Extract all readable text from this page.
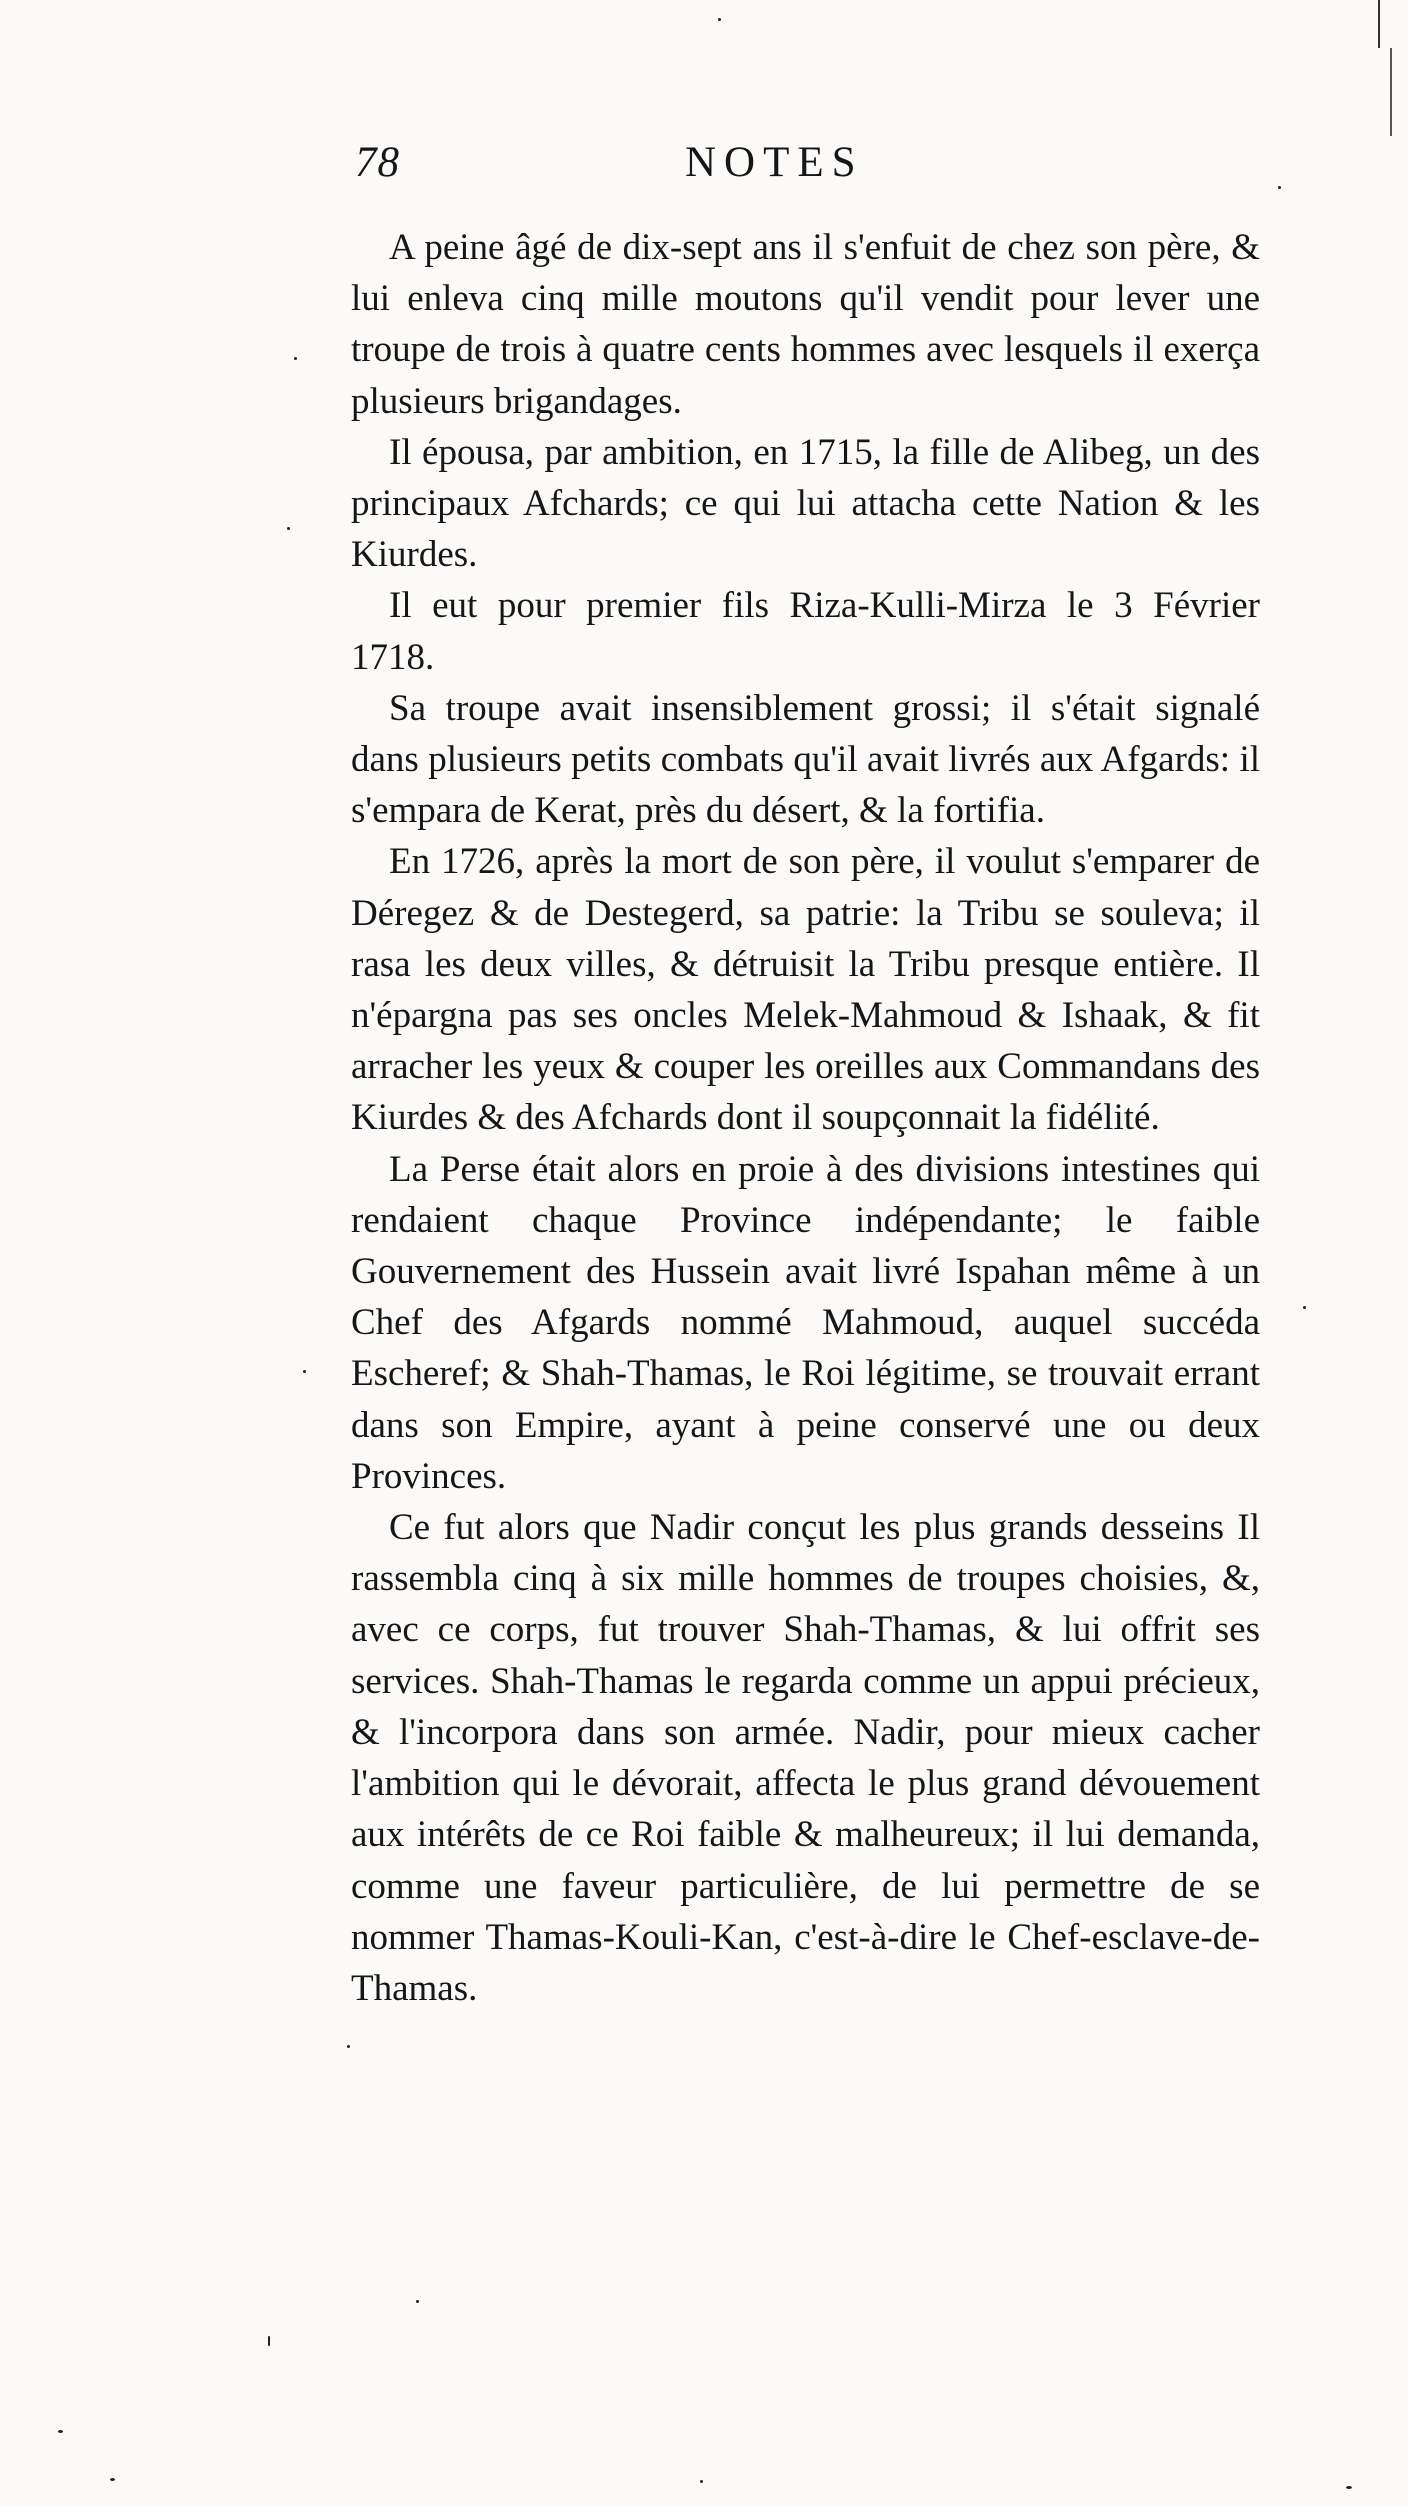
78	NOTES

A peine âgé de dix-sept ans il s'enfuit de chez son père, & lui enleva cinq mille moutons qu'il vendit pour lever une troupe de trois à quatre cents hommes avec lesquels il exerça plusieurs brigandages.

Il épousa, par ambition, en 1715, la fille de Alibeg, un des principaux Afchards; ce qui lui attacha cette Nation & les Kiurdes.

Il eut pour premier fils Riza-Kulli-Mirza le 3 Février 1718.

Sa troupe avait insensiblement grossi; il s'était signalé dans plusieurs petits combats qu'il avait livrés aux Afgards: il s'empara de Kerat, près du désert, & la fortifia.

En 1726, après la mort de son père, il voulut s'emparer de Déregez & de Destegerd, sa patrie: la Tribu se souleva; il rasa les deux villes, & détruisit la Tribu presque entière. Il n'épargna pas ses oncles Melek-Mahmoud & Ishaak, & fit arracher les yeux & couper les oreilles aux Commandans des Kiurdes & des Afchards dont il soupçonnait la fidélité.

La Perse était alors en proie à des divisions intestines qui rendaient chaque Province indépendante; le faible Gouvernement des Hussein avait livré Ispahan même à un Chef des Afgards nommé Mahmoud, auquel succéda Escheref; & Shah-Thamas, le Roi légitime, se trouvait errant dans son Empire, ayant à peine conservé une ou deux Provinces.

Ce fut alors que Nadir conçut les plus grands desseins Il rassembla cinq à six mille hommes de troupes choisies, &, avec ce corps, fut trouver Shah-Thamas, & lui offrit ses services. Shah-Thamas le regarda comme un appui précieux, & l'incorpora dans son armée. Nadir, pour mieux cacher l'ambition qui le dévorait, affecta le plus grand dévouement aux intérêts de ce Roi faible & malheureux; il lui demanda, comme une faveur particulière, de lui permettre de se nommer Thamas-Kouli-Kan, c'est-à-dire le Chef-esclave-de-Thamas.
